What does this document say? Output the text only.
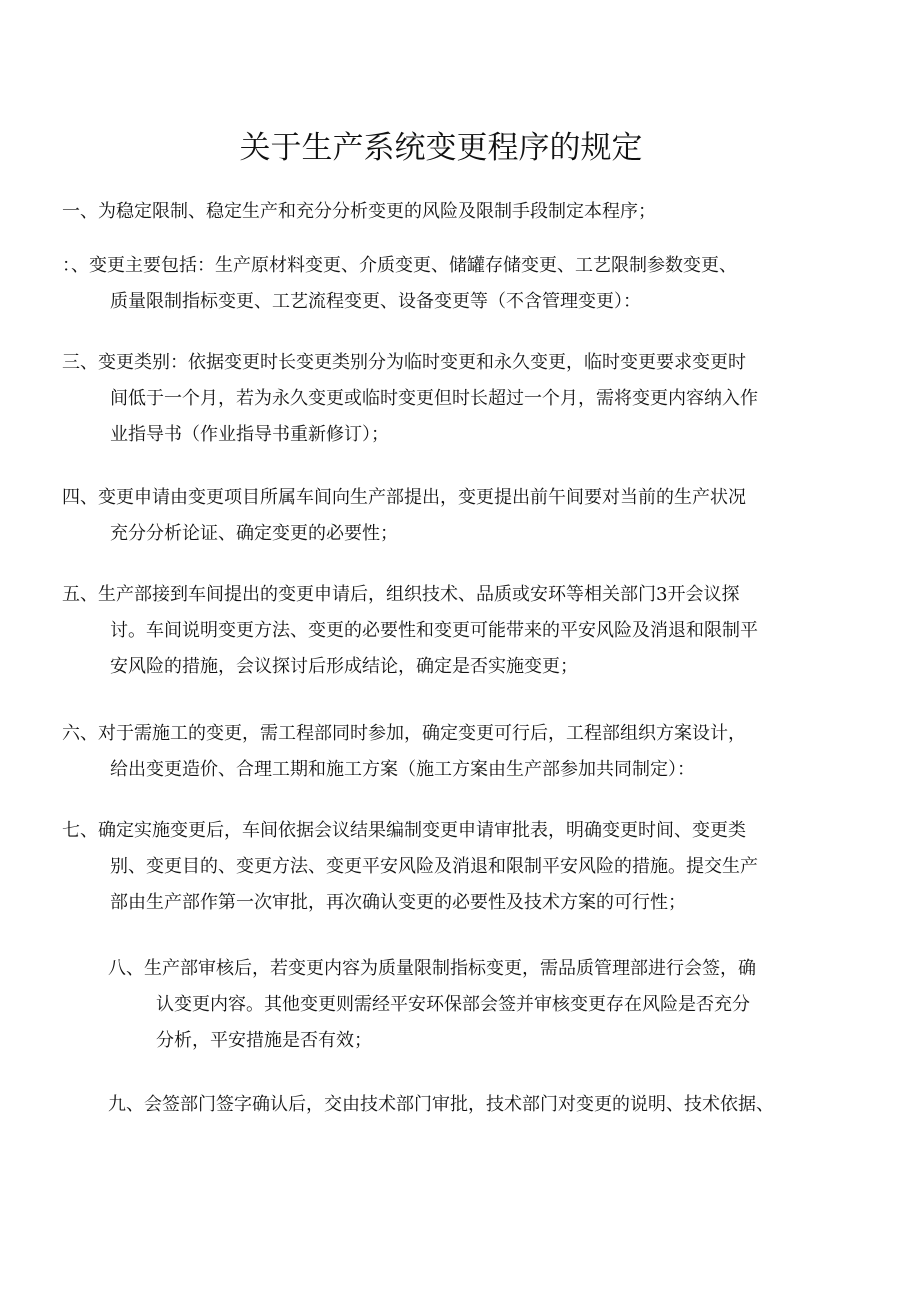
关于生产系统变更程序的规定
一、为稳定限制、稳定生产和充分分析变更的风险及限制手段制定本程序；
：、变更主要包括：生产原材料变更、介质变更、储罐存储变更、工艺限制参数变更、
质量限制指标变更、工艺流程变更、设备变更等（不含管理变更）：
三、变更类别：依据变更时长变更类别分为临时变更和永久变更，临时变更要求变更时
间低于一个月，若为永久变更或临时变更但时长超过一个月，需将变更内容纳入作
业指导书（作业指导书重新修订）；
四、变更申请由变更项目所属车间向生产部提出，变更提出前午间要对当前的生产状况
充分分析论证、确定变更的必要性；
五、生产部接到车间提出的变更申请后，组织技术、品质或安环等相关部门3开会议探
讨。车间说明变更方法、变更的必要性和变更可能带来的平安风险及消退和限制平
安风险的措施，会议探讨后形成结论，确定是否实施变更；
六、对于需施工的变更，需工程部同时参加，确定变更可行后，工程部组织方案设计，
给出变更造价、合理工期和施工方案（施工方案由生产部参加共同制定）：
七、确定实施变更后，车间依据会议结果编制变更申请审批表，明确变更时间、变更类
别、变更目的、变更方法、变更平安风险及消退和限制平安风险的措施。提交生产
部由生产部作第一次审批，再次确认变更的必要性及技术方案的可行性；
八、生产部审核后，若变更内容为质量限制指标变更，需品质管理部进行会签，确
认变更内容。其他变更则需经平安环保部会签并审核变更存在风险是否充分
分析，平安措施是否有效；
九、会签部门签字确认后，交由技术部门审批，技术部门对变更的说明、技术依据、
